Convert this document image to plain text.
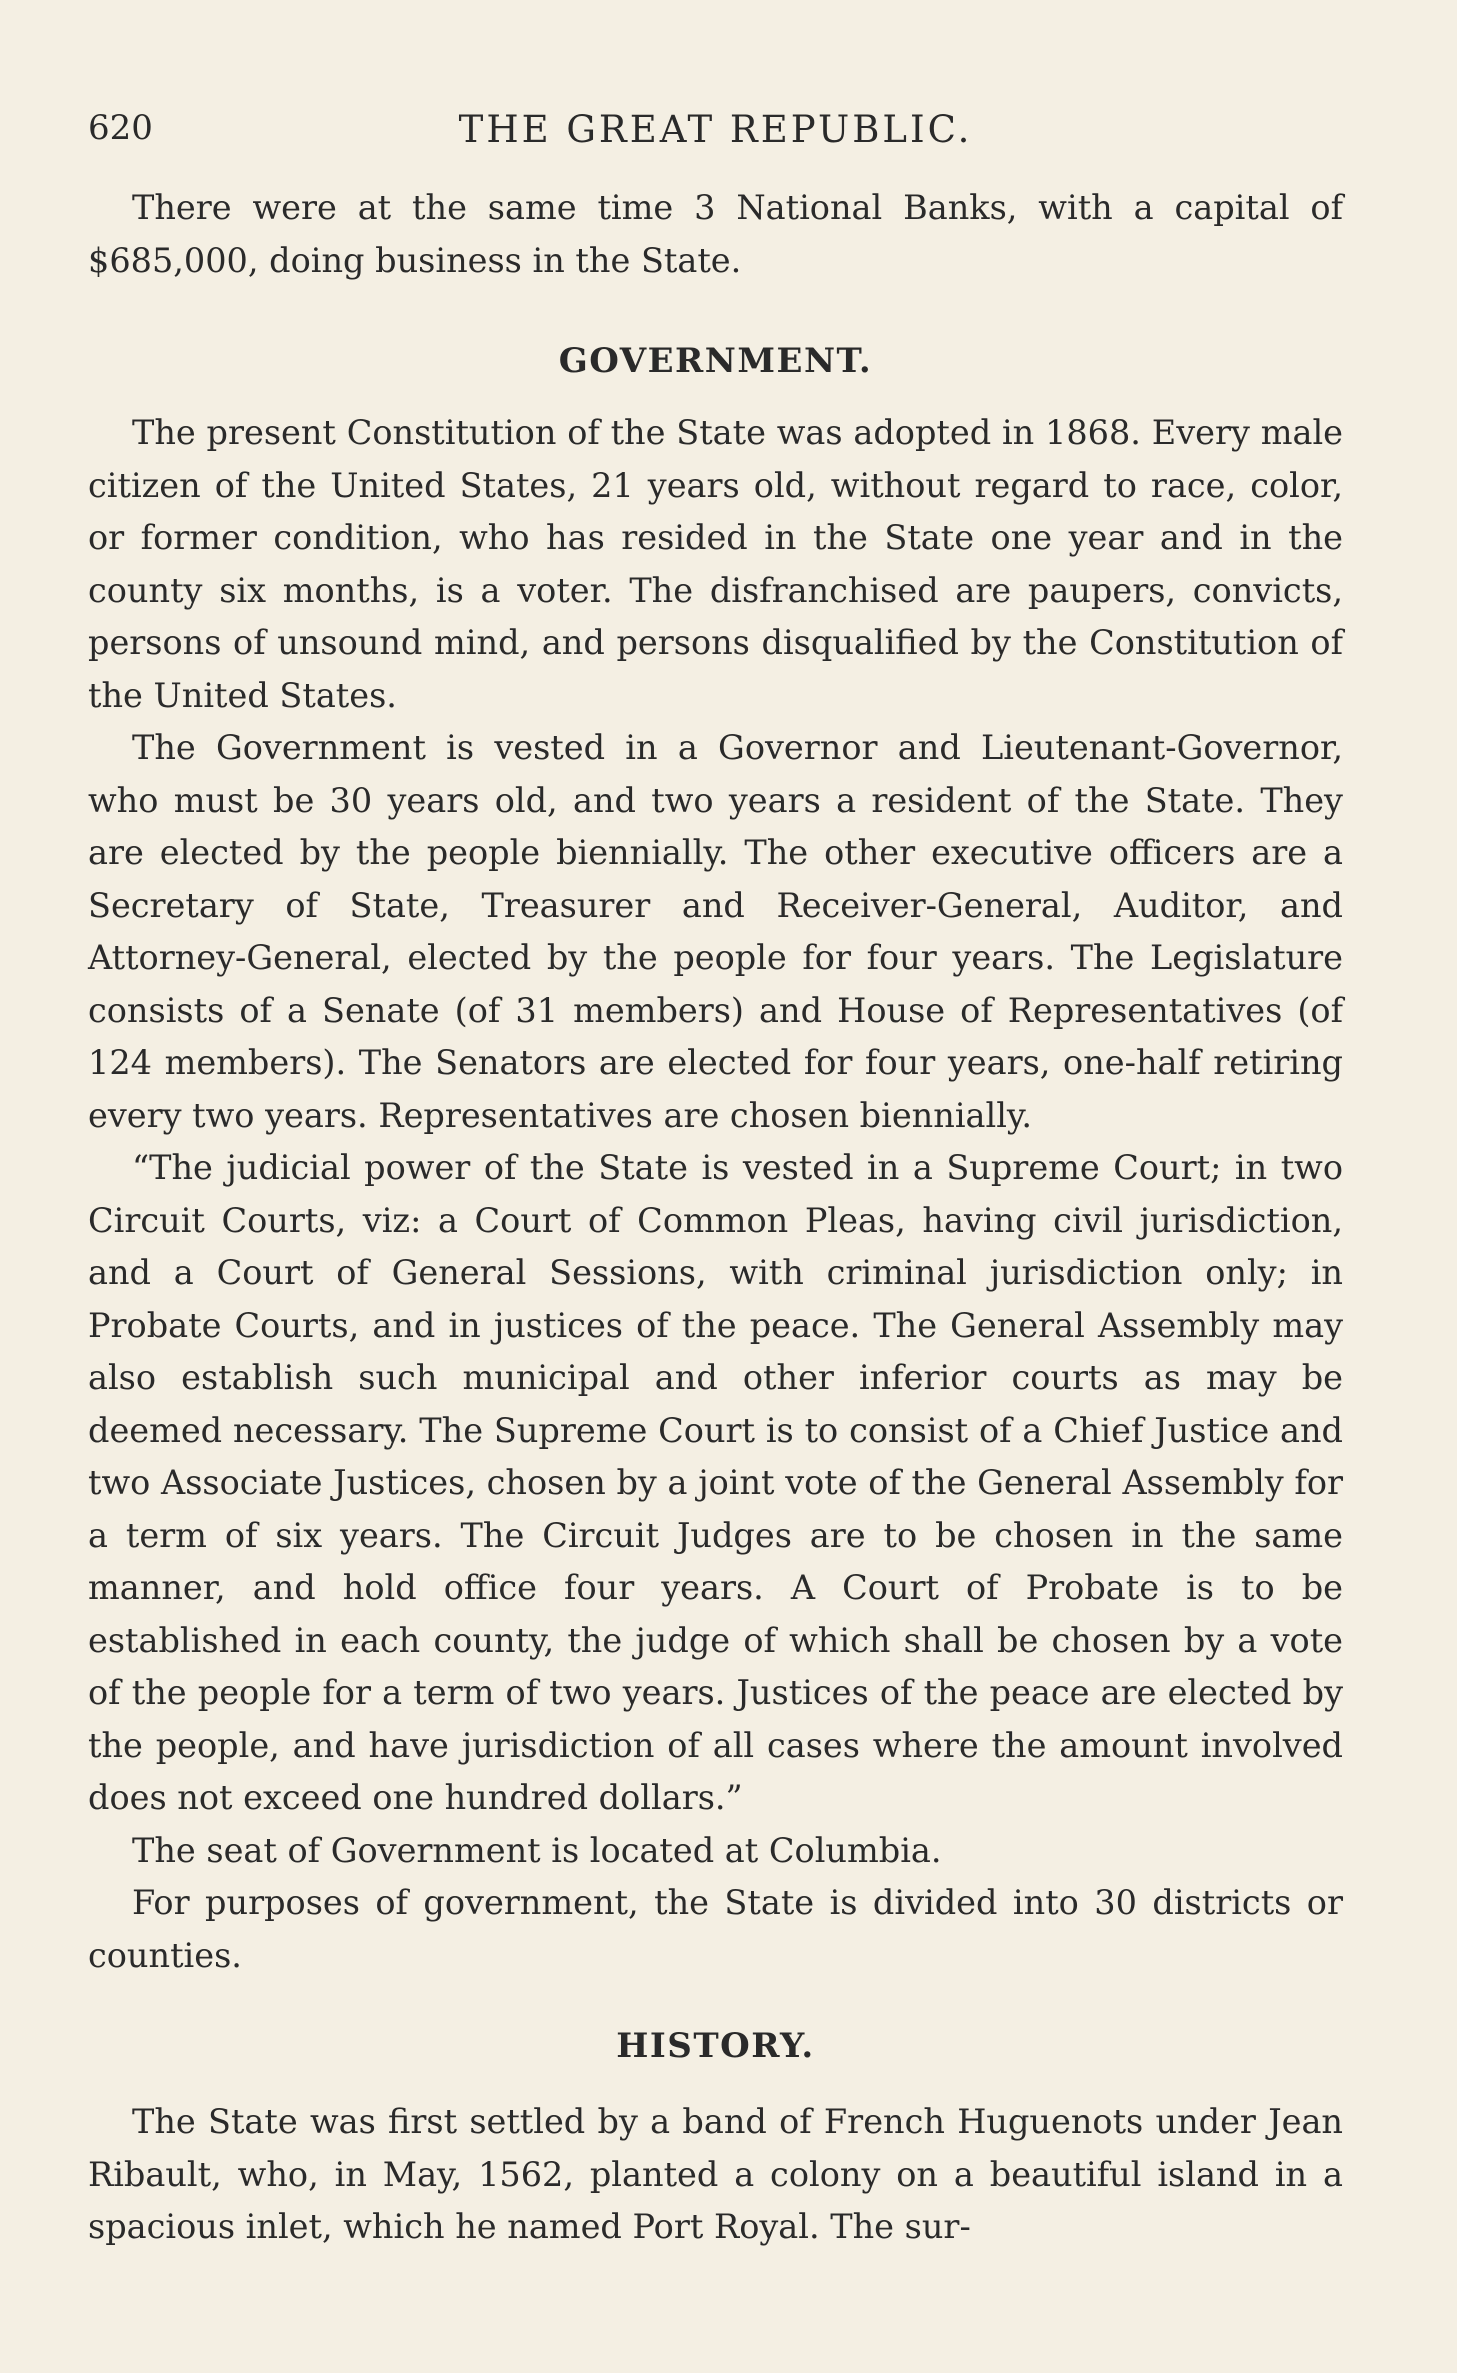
620	THE GREAT REPUBLIC.

There were at the same time 3 National Banks, with a capital of $685,000, doing business in the State.

GOVERNMENT.

The present Constitution of the State was adopted in 1868. Every male citizen of the United States, 21 years old, without regard to race, color, or former condition, who has resided in the State one year and in the county six months, is a voter. The disfranchised are paupers, convicts, persons of unsound mind, and persons disqualified by the Constitution of the United States.

The Government is vested in a Governor and Lieutenant-Governor, who must be 30 years old, and two years a resident of the State. They are elected by the people biennially. The other executive officers are a Secretary of State, Treasurer and Receiver-General, Auditor, and Attorney-General, elected by the people for four years. The Legislature consists of a Senate (of 31 members) and House of Representatives (of 124 members). The Senators are elected for four years, one-half retiring every two years. Representatives are chosen biennially.

“The judicial power of the State is vested in a Supreme Court; in two Circuit Courts, viz: a Court of Common Pleas, having civil jurisdiction, and a Court of General Sessions, with criminal jurisdiction only; in Probate Courts, and in justices of the peace. The General Assembly may also establish such municipal and other inferior courts as may be deemed necessary. The Supreme Court is to consist of a Chief Justice and two Associate Justices, chosen by a joint vote of the General Assembly for a term of six years. The Circuit Judges are to be chosen in the same manner, and hold office four years. A Court of Probate is to be established in each county, the judge of which shall be chosen by a vote of the people for a term of two years. Justices of the peace are elected by the people, and have jurisdiction of all cases where the amount involved does not exceed one hundred dollars.”

The seat of Government is located at Columbia.

For purposes of government, the State is divided into 30 districts or counties.

HISTORY.

The State was first settled by a band of French Huguenots under Jean Ribault, who, in May, 1562, planted a colony on a beautiful island in a spacious inlet, which he named Port Royal. The sur-
